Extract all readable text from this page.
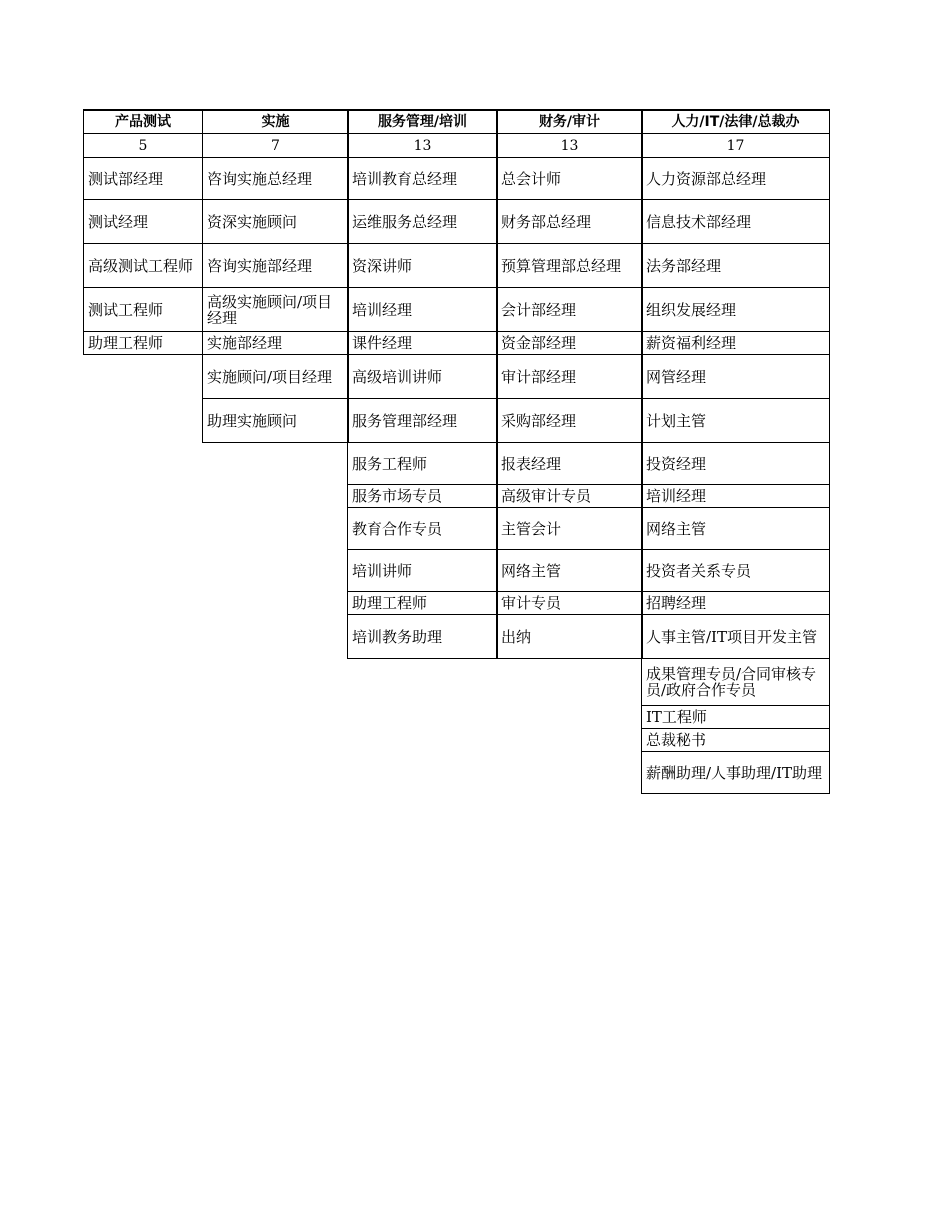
产品测试
5
测试部经理
测试经理
高级测试工程师
测试工程师
助理工程师
实施
7
咨询实施总经理
资深实施顾问
咨询实施部经理
高级实施顾问/项目经理
实施部经理
实施顾问/项目经理
助理实施顾问
服务管理/培训
13
培训教育总经理
运维服务总经理
资深讲师
培训经理
课件经理
高级培训讲师
服务管理部经理
服务工程师
服务市场专员
教育合作专员
培训讲师
助理工程师
培训教务助理
财务/审计
13
总会计师
财务部总经理
预算管理部总经理
会计部经理
资金部经理
审计部经理
采购部经理
报表经理
高级审计专员
主管会计
网络主管
审计专员
出纳
人力/IT/法律/总裁办
17
人力资源部总经理
信息技术部经理
法务部经理
组织发展经理
薪资福利经理
网管经理
计划主管
投资经理
培训经理
网络主管
投资者关系专员
招聘经理
人事主管/IT项目开发主管
成果管理专员/合同审核专员/政府合作专员
IT工程师
总裁秘书
薪酬助理/人事助理/IT助理
